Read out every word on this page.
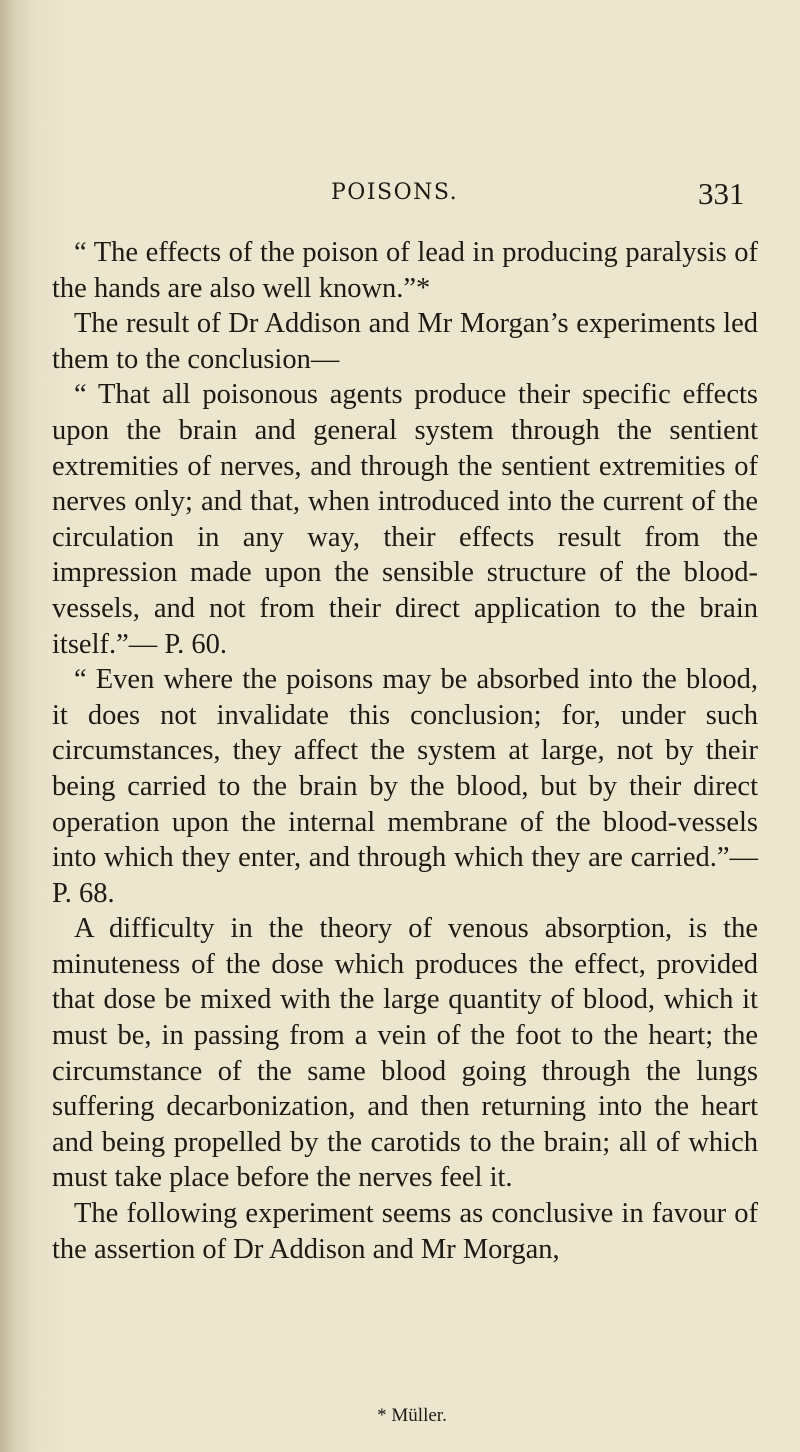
POISONS.	331

“ The effects of the poison of lead in producing paralysis of the hands are also well known.”*

The result of Dr Addison and Mr Morgan’s experiments led them to the conclusion—

“ That all poisonous agents produce their specific effects upon the brain and general system through the sentient extremities of nerves, and through the sentient extremities of nerves only; and that, when introduced into the current of the circulation in any way, their effects result from the impression made upon the sensible structure of the blood-vessels, and not from their direct application to the brain itself.”— P. 60.

“ Even where the poisons may be absorbed into the blood, it does not invalidate this conclusion; for, under such circumstances, they affect the system at large, not by their being carried to the brain by the blood, but by their direct operation upon the internal membrane of the blood-vessels into which they enter, and through which they are carried.”— P. 68.

A difficulty in the theory of venous absorption, is the minuteness of the dose which produces the effect, provided that dose be mixed with the large quantity of blood, which it must be, in passing from a vein of the foot to the heart; the circumstance of the same blood going through the lungs suffering decarbonization, and then returning into the heart and being propelled by the carotids to the brain; all of which must take place before the nerves feel it.

The following experiment seems as conclusive in favour of the assertion of Dr Addison and Mr Morgan,

* Müller.
